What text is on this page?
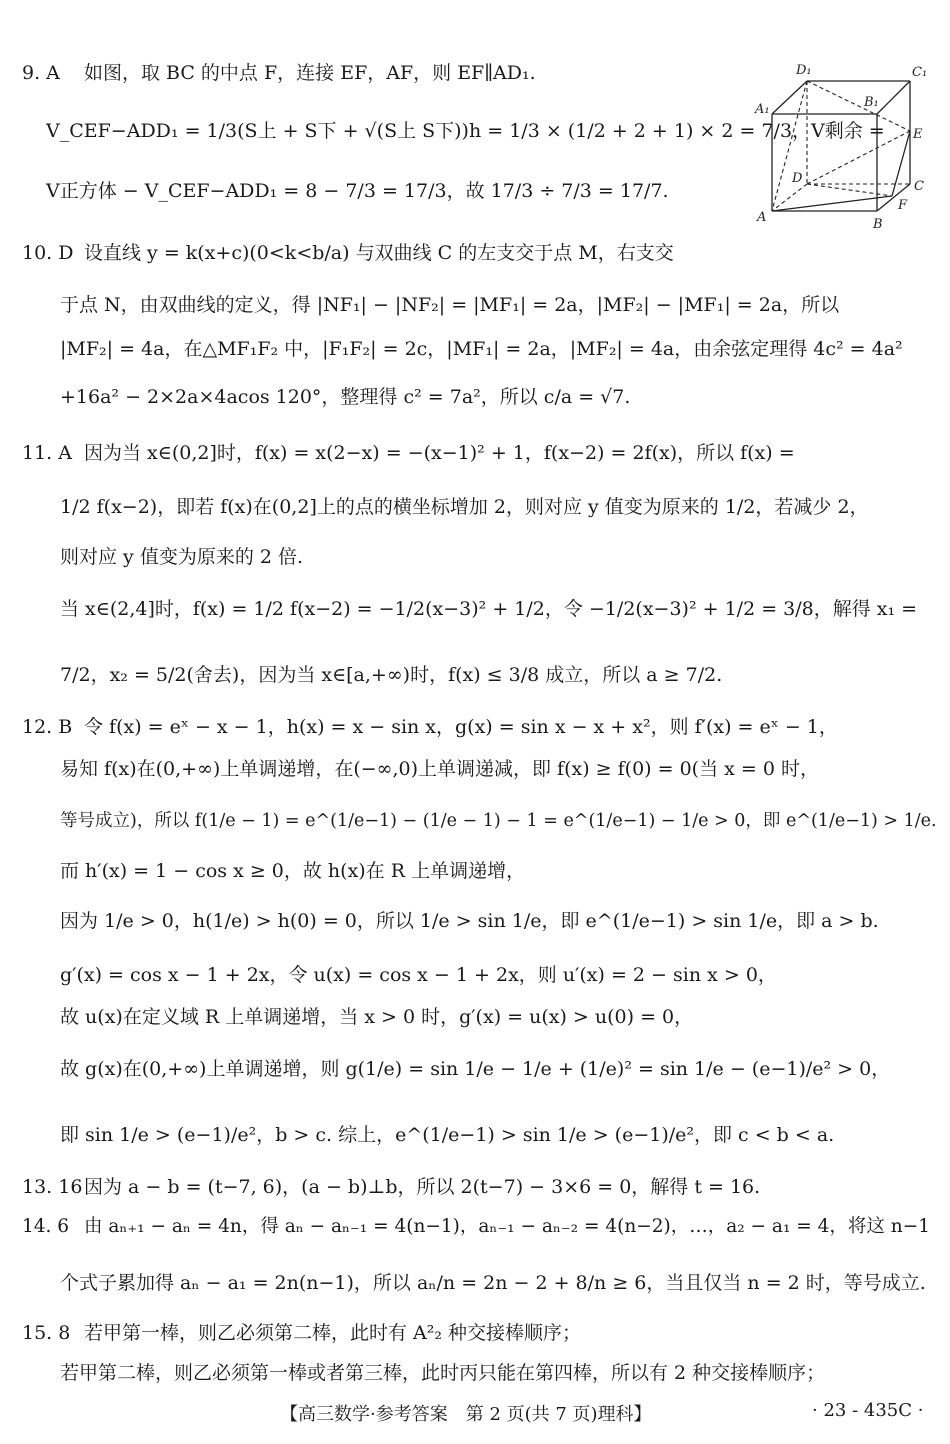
9. A 如图，取 BC 的中点 F，连接 EF，AF，则 EF∥AD₁.
V_CEF−ADD₁ = 1/3(S上 + S下 + √(S上 S下))h = 1/3 × (1/2 + 2 + 1) × 2 = 7/3，V剩余 =
V正方体 − V_CEF−ADD₁ = 8 − 7/3 = 17/3，故 17/3 ÷ 7/3 = 17/7.
D₁	C₁
A₁	B₁
E
D
C
F
A	B
10. D 设直线 y = k(x+c)(0<k<b/a) 与双曲线 C 的左支交于点 M，右支交
于点 N，由双曲线的定义，得 |NF₁| − |NF₂| = |MF₁| = 2a，|MF₂| − |MF₁| = 2a，所以
|MF₂| = 4a，在△MF₁F₂ 中，|F₁F₂| = 2c，|MF₁| = 2a，|MF₂| = 4a，由余弦定理得 4c² = 4a²
+16a² − 2×2a×4acos 120°，整理得 c² = 7a²，所以 c/a = √7.
11. A 因为当 x∈(0,2]时，f(x) = x(2−x) = −(x−1)² + 1，f(x−2) = 2f(x)，所以 f(x) =
1/2 f(x−2)，即若 f(x)在(0,2]上的点的横坐标增加 2，则对应 y 值变为原来的 1/2，若减少 2，
则对应 y 值变为原来的 2 倍.
当 x∈(2,4]时，f(x) = 1/2 f(x−2) = −1/2(x−3)² + 1/2，令 −1/2(x−3)² + 1/2 = 3/8，解得 x₁ =
7/2，x₂ = 5/2(舍去)，因为当 x∈[a,+∞)时，f(x) ≤ 3/8 成立，所以 a ≥ 7/2.
12. B 令 f(x) = eˣ − x − 1，h(x) = x − sin x，g(x) = sin x − x + x²，则 f′(x) = eˣ − 1，
易知 f(x)在(0,+∞)上单调递增，在(−∞,0)上单调递减，即 f(x) ≥ f(0) = 0(当 x = 0 时，
等号成立)，所以 f(1/e − 1) = e^(1/e−1) − (1/e − 1) − 1 = e^(1/e−1) − 1/e > 0，即 e^(1/e−1) > 1/e.
而 h′(x) = 1 − cos x ≥ 0，故 h(x)在 R 上单调递增，
因为 1/e > 0，h(1/e) > h(0) = 0，所以 1/e > sin 1/e，即 e^(1/e−1) > sin 1/e，即 a > b.
g′(x) = cos x − 1 + 2x，令 u(x) = cos x − 1 + 2x，则 u′(x) = 2 − sin x > 0，
故 u(x)在定义域 R 上单调递增，当 x > 0 时，g′(x) = u(x) > u(0) = 0，
故 g(x)在(0,+∞)上单调递增，则 g(1/e) = sin 1/e − 1/e + (1/e)² = sin 1/e − (e−1)/e² > 0，
即 sin 1/e > (e−1)/e²，b > c. 综上，e^(1/e−1) > sin 1/e > (e−1)/e²，即 c < b < a.
13. 16因为 a − b = (t−7, 6)，(a − b)⊥b，所以 2(t−7) − 3×6 = 0，解得 t = 16.
14. 6 由 aₙ₊₁ − aₙ = 4n，得 aₙ − aₙ₋₁ = 4(n−1)，aₙ₋₁ − aₙ₋₂ = 4(n−2)，…，a₂ − a₁ = 4，将这 n−1
个式子累加得 aₙ − a₁ = 2n(n−1)，所以 aₙ/n = 2n − 2 + 8/n ≥ 6，当且仅当 n = 2 时，等号成立.
15. 8 若甲第一棒，则乙必须第二棒，此时有 A²₂ 种交接棒顺序；
若甲第二棒，则乙必须第一棒或者第三棒，此时丙只能在第四棒，所以有 2 种交接棒顺序；
【高三数学·参考答案　第 2 页(共 7 页)理科】	· 23 - 435C ·
